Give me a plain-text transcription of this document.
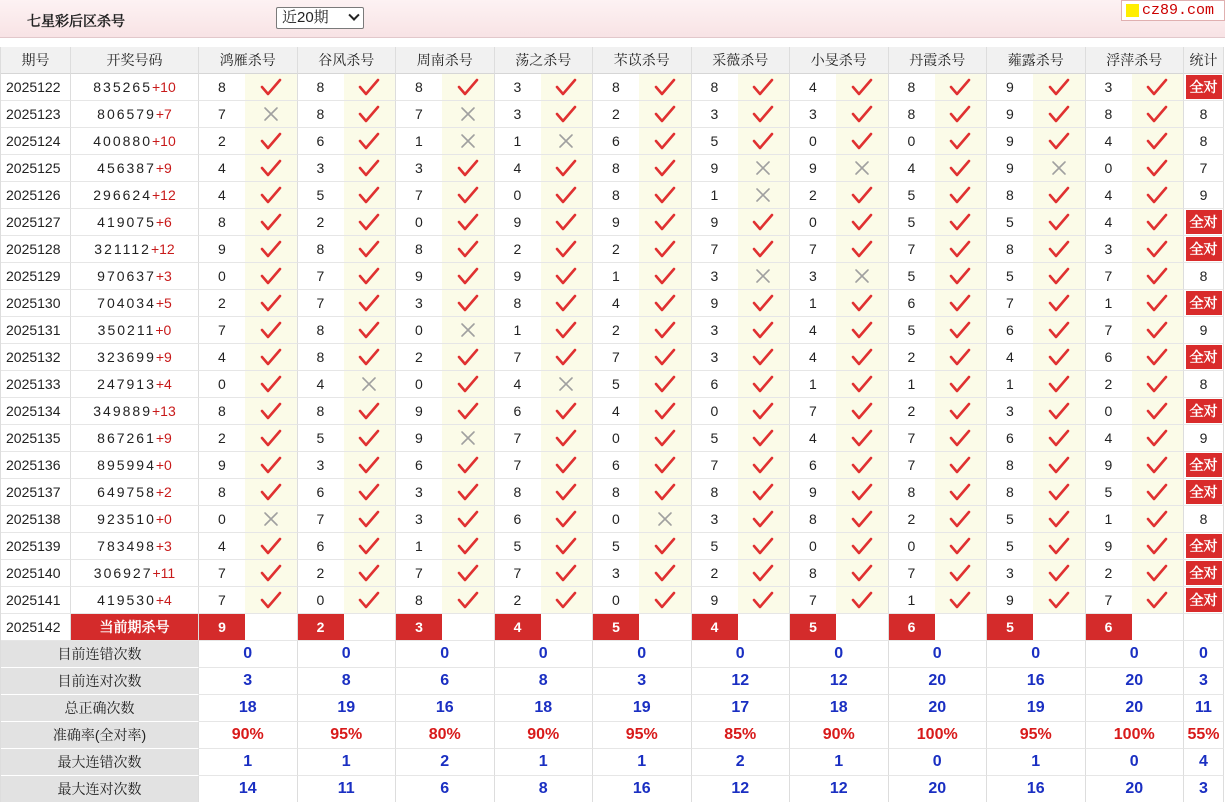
七星彩后区杀号	近20期	cz89.com
期号	开奖号码	鸿雁杀号	谷风杀号	周南杀号	荡之杀号	芣苡杀号	采薇杀号	小旻杀号	丹霞杀号	蕹露杀号	浮萍杀号	统计
2025122	835265+10	8	8	8	3	8	8	4	8	9	3	全对
2025123	806579+7	7	8	7	3	2	3	3	8	9	8	8
2025124	400880+10	2	6	1	1	6	5	0	0	9	4	8
2025125	456387+9	4	3	3	4	8	9	9	4	9	0	7
2025126	296624+12	4	5	7	0	8	1	2	5	8	4	9
2025127	419075+6	8	2	0	9	9	9	0	5	5	4	全对
2025128	321112+12	9	8	8	2	2	7	7	7	8	3	全对
2025129	970637+3	0	7	9	9	1	3	3	5	5	7	8
2025130	704034+5	2	7	3	8	4	9	1	6	7	1	全对
2025131	350211+0	7	8	0	1	2	3	4	5	6	7	9
2025132	323699+9	4	8	2	7	7	3	4	2	4	6	全对
2025133	247913+4	0	4	0	4	5	6	1	1	1	2	8
2025134	349889+13	8	8	9	6	4	0	7	2	3	0	全对
2025135	867261+9	2	5	9	7	0	5	4	7	6	4	9
2025136	895994+0	9	3	6	7	6	7	6	7	8	9	全对
2025137	649758+2	8	6	3	8	8	8	9	8	8	5	全对
2025138	923510+0	0	7	3	6	0	3	8	2	5	1	8
2025139	783498+3	4	6	1	5	5	5	0	0	5	9	全对
2025140	306927+11	7	2	7	7	3	2	8	7	3	2	全对
2025141	419530+4	7	0	8	2	0	9	7	1	9	7	全对
2025142	当前期杀号	9	2	3	4	5	4	5	6	5	6
目前连错次数	0	0	0	0	0	0	0	0	0	0	0
目前连对次数	3	8	6	8	3	12	12	20	16	20	3
总正确次数	18	19	16	18	19	17	18	20	19	20	11
准确率(全对率)	90%	95%	80%	90%	95%	85%	90%	100%	95%	100%	55%
最大连错次数	1	1	2	1	1	2	1	0	1	0	4
最大连对次数	14	11	6	8	16	12	12	20	16	20	3
